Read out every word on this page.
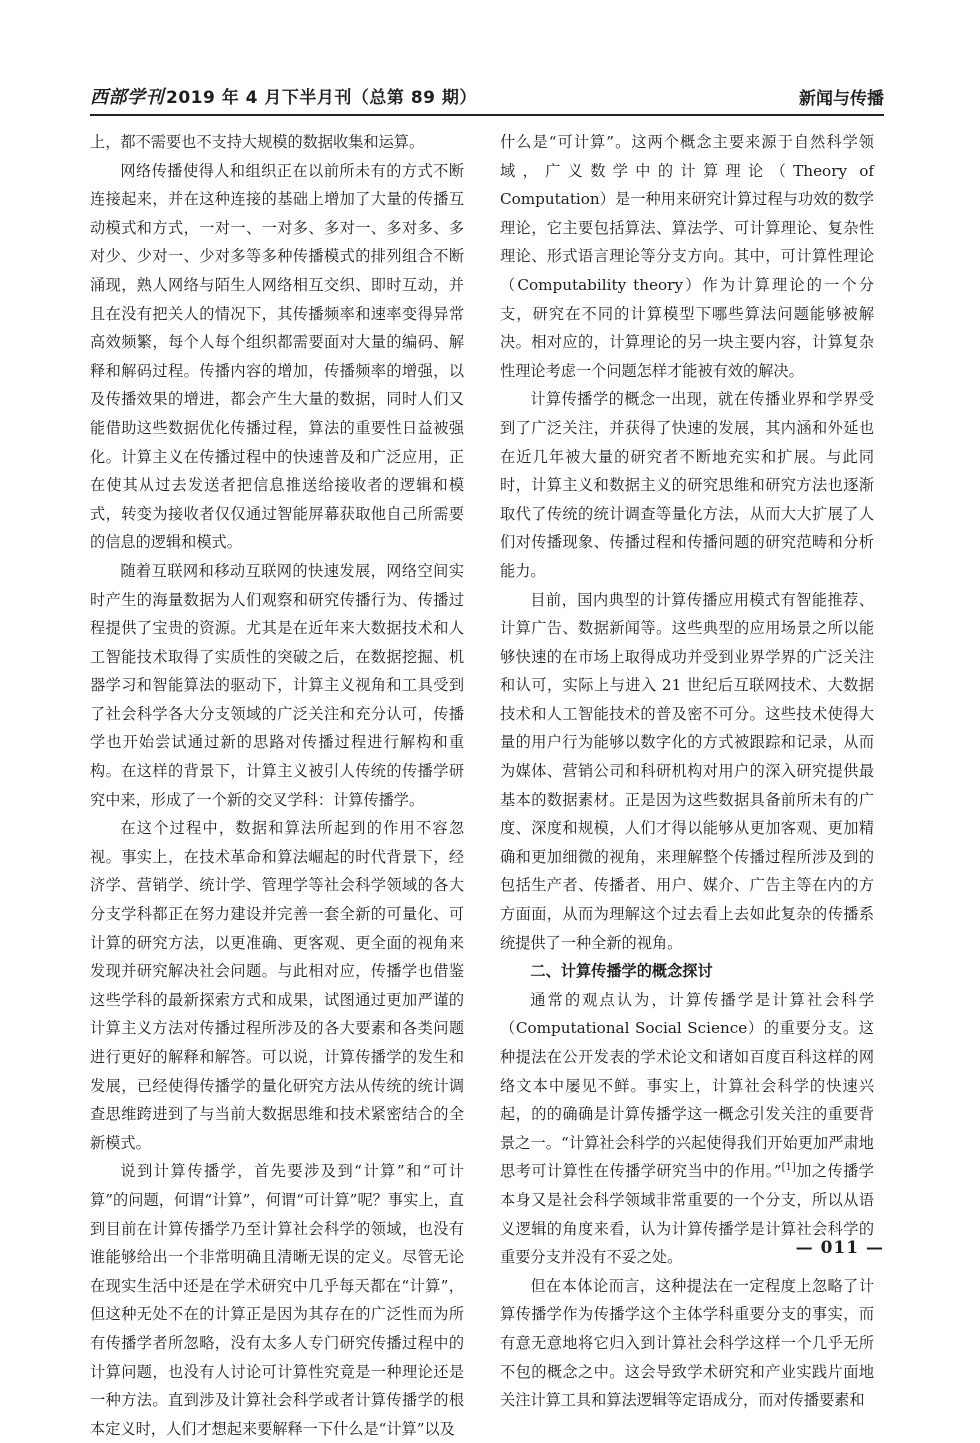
西部学刊 2019 年 4 月下半月刊（总第 89 期）	新闻与传播

上，都不需要也不支持大规模的数据收集和运算。

网络传播使得人和组织正在以前所未有的方式不断连接起来，并在这种连接的基础上增加了大量的传播互动模式和方式，一对一、一对多、多对一、多对多、多对少、少对一、少对多等多种传播模式的排列组合不断涌现，熟人网络与陌生人网络相互交织、即时互动，并且在没有把关人的情况下，其传播频率和速率变得异常高效频繁，每个人每个组织都需要面对大量的编码、解释和解码过程。传播内容的增加，传播频率的增强，以及传播效果的增进，都会产生大量的数据，同时人们又能借助这些数据优化传播过程，算法的重要性日益被强化。计算主义在传播过程中的快速普及和广泛应用，正在使其从过去发送者把信息推送给接收者的逻辑和模式，转变为接收者仅仅通过智能屏幕获取他自己所需要的信息的逻辑和模式。

随着互联网和移动互联网的快速发展，网络空间实时产生的海量数据为人们观察和研究传播行为、传播过程提供了宝贵的资源。尤其是在近年来大数据技术和人工智能技术取得了实质性的突破之后，在数据挖掘、机器学习和智能算法的驱动下，计算主义视角和工具受到了社会科学各大分支领域的广泛关注和充分认可，传播学也开始尝试通过新的思路对传播过程进行解构和重构。在这样的背景下，计算主义被引人传统的传播学研究中来，形成了一个新的交叉学科：计算传播学。

在这个过程中，数据和算法所起到的作用不容忽视。事实上，在技术革命和算法崛起的时代背景下，经济学、营销学、统计学、管理学等社会科学领域的各大分支学科都正在努力建设并完善一套全新的可量化、可计算的研究方法，以更准确、更客观、更全面的视角来发现并研究解决社会问题。与此相对应，传播学也借鉴这些学科的最新探索方式和成果，试图通过更加严谨的计算主义方法对传播过程所涉及的各大要素和各类问题进行更好的解释和解答。可以说，计算传播学的发生和发展，已经使得传播学的量化研究方法从传统的统计调查思维跨进到了与当前大数据思维和技术紧密结合的全新模式。

说到计算传播学，首先要涉及到“计算”和“可计算”的问题，何谓“计算”，何谓“可计算”呢？事实上，直到目前在计算传播学乃至计算社会科学的领域，也没有谁能够给出一个非常明确且清晰无误的定义。尽管无论在现实生活中还是在学术研究中几乎每天都在“计算”，但这种无处不在的计算正是因为其存在的广泛性而为所有传播学者所忽略，没有太多人专门研究传播过程中的计算问题，也没有人讨论可计算性究竟是一种理论还是一种方法。直到涉及计算社会科学或者计算传播学的根本定义时，人们才想起来要解释一下什么是“计算”以及

什么是“可计算”。这两个概念主要来源于自然科学领域，广义数学中的计算理论（Theory of Computation）是一种用来研究计算过程与功效的数学理论，它主要包括算法、算法学、可计算理论、复杂性理论、形式语言理论等分支方向。其中，可计算性理论（Computability theory）作为计算理论的一个分支，研究在不同的计算模型下哪些算法问题能够被解决。相对应的，计算理论的另一块主要内容，计算复杂性理论考虑一个问题怎样才能被有效的解决。

计算传播学的概念一出现，就在传播业界和学界受到了广泛关注，并获得了快速的发展，其内涵和外延也在近几年被大量的研究者不断地充实和扩展。与此同时，计算主义和数据主义的研究思维和研究方法也逐渐取代了传统的统计调查等量化方法，从而大大扩展了人们对传播现象、传播过程和传播问题的研究范畴和分析能力。

目前，国内典型的计算传播应用模式有智能推荐、计算广告、数据新闻等。这些典型的应用场景之所以能够快速的在市场上取得成功并受到业界学界的广泛关注和认可，实际上与进入 21 世纪后互联网技术、大数据技术和人工智能技术的普及密不可分。这些技术使得大量的用户行为能够以数字化的方式被跟踪和记录，从而为媒体、营销公司和科研机构对用户的深入研究提供最基本的数据素材。正是因为这些数据具备前所未有的广度、深度和规模，人们才得以能够从更加客观、更加精确和更加细微的视角，来理解整个传播过程所涉及到的包括生产者、传播者、用户、媒介、广告主等在内的方方面面，从而为理解这个过去看上去如此复杂的传播系统提供了一种全新的视角。

二、计算传播学的概念探讨

通常的观点认为，计算传播学是计算社会科学（Computational Social Science）的重要分支。这种提法在公开发表的学术论文和诸如百度百科这样的网络文本中屡见不鲜。事实上，计算社会科学的快速兴起，的的确确是计算传播学这一概念引发关注的重要背景之一。“计算社会科学的兴起使得我们开始更加严肃地思考可计算性在传播学研究当中的作用。”[1]加之传播学本身又是社会科学领域非常重要的一个分支，所以从语义逻辑的角度来看，认为计算传播学是计算社会科学的重要分支并没有不妥之处。

但在本体论而言，这种提法在一定程度上忽略了计算传播学作为传播学这个主体学科重要分支的事实，而有意无意地将它归入到计算社会科学这样一个几乎无所不包的概念之中。这会导致学术研究和产业实践片面地关注计算工具和算法逻辑等定语成分，而对传播要素和

— 011 —
